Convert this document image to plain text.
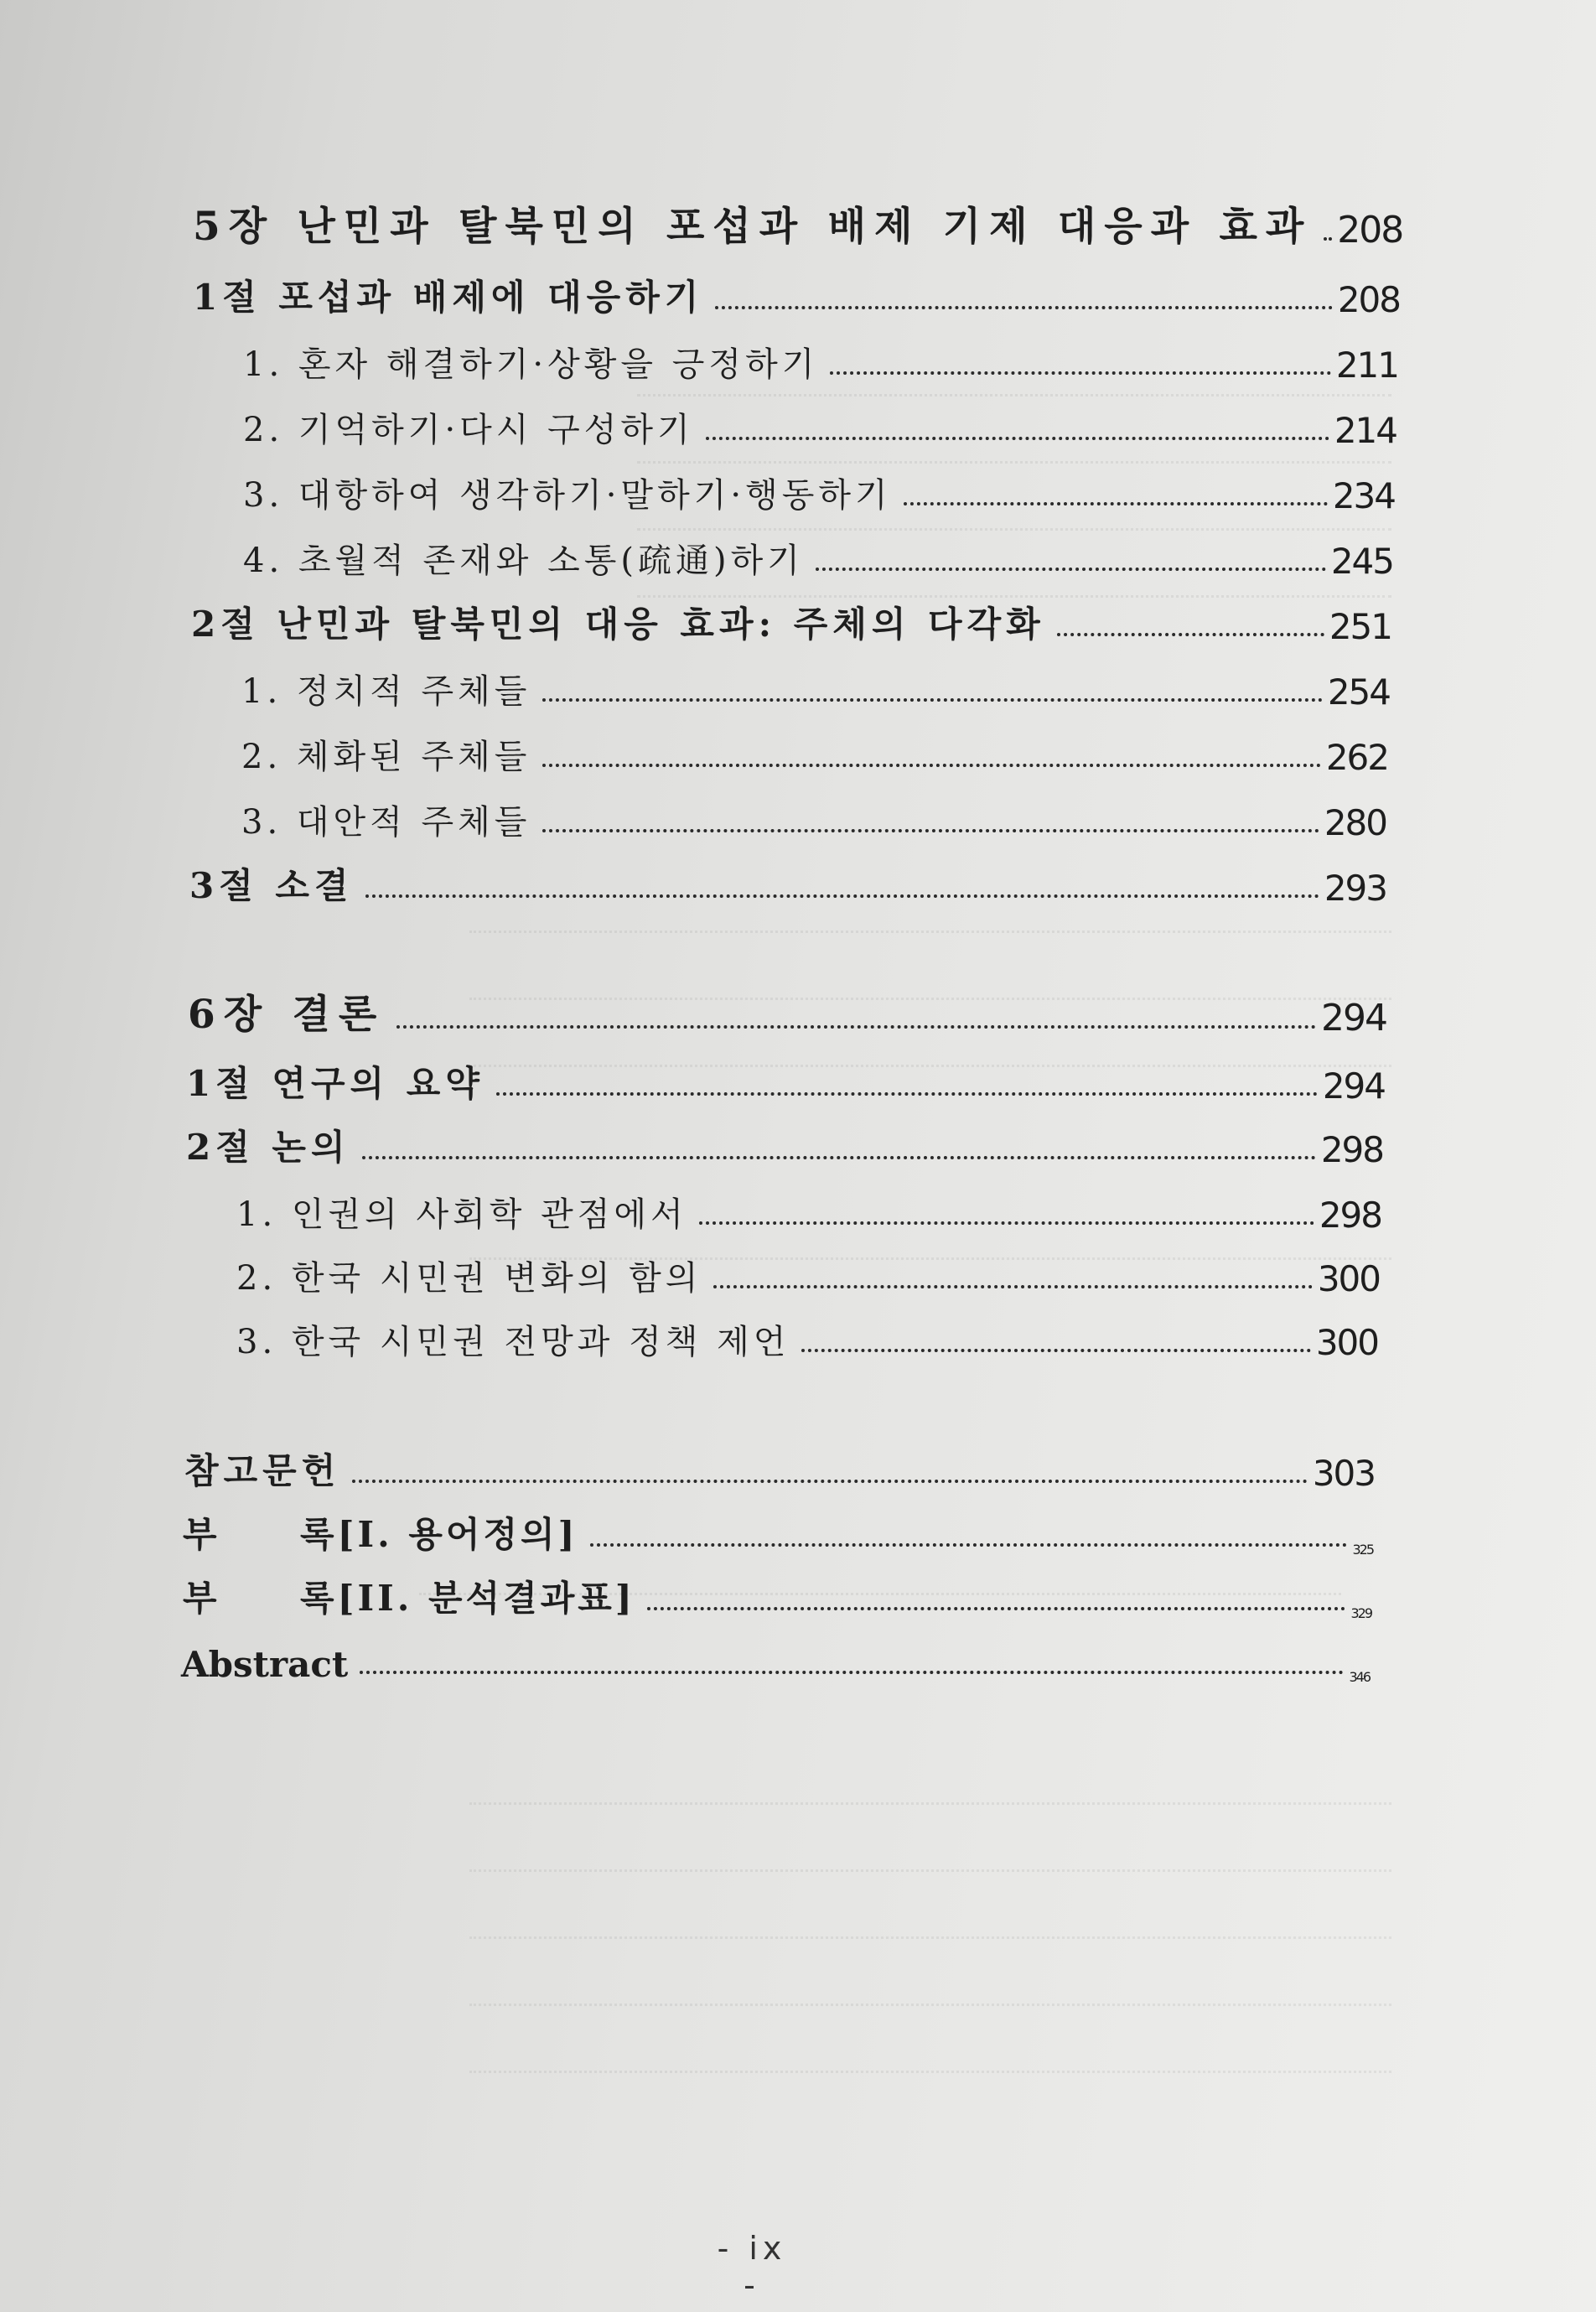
5장 난민과 탈북민의 포섭과 배제 기제 대응과 효과 208
1절 포섭과 배제에 대응하기	208
1. 혼자 해결하기·상황을 긍정하기	211
2. 기억하기·다시 구성하기	214
3. 대항하여 생각하기·말하기·행동하기	234
4. 초월적 존재와 소통(疏通)하기	245
2절 난민과 탈북민의 대응 효과: 주체의 다각화	251
1. 정치적 주체들	254
2. 체화된 주체들	262
3. 대안적 주체들	280
3절 소결	293
6장 결론	294
1절 연구의 요약	294
2절 논의	298
1. 인권의 사회학 관점에서	298
2. 한국 시민권 변화의 함의	300
3. 한국 시민권 전망과 정책 제언	300
참고문헌	303
부 록[I. 용어정의]	325
부 록[II. 분석결과표]	329
Abstract	346
- ix -
